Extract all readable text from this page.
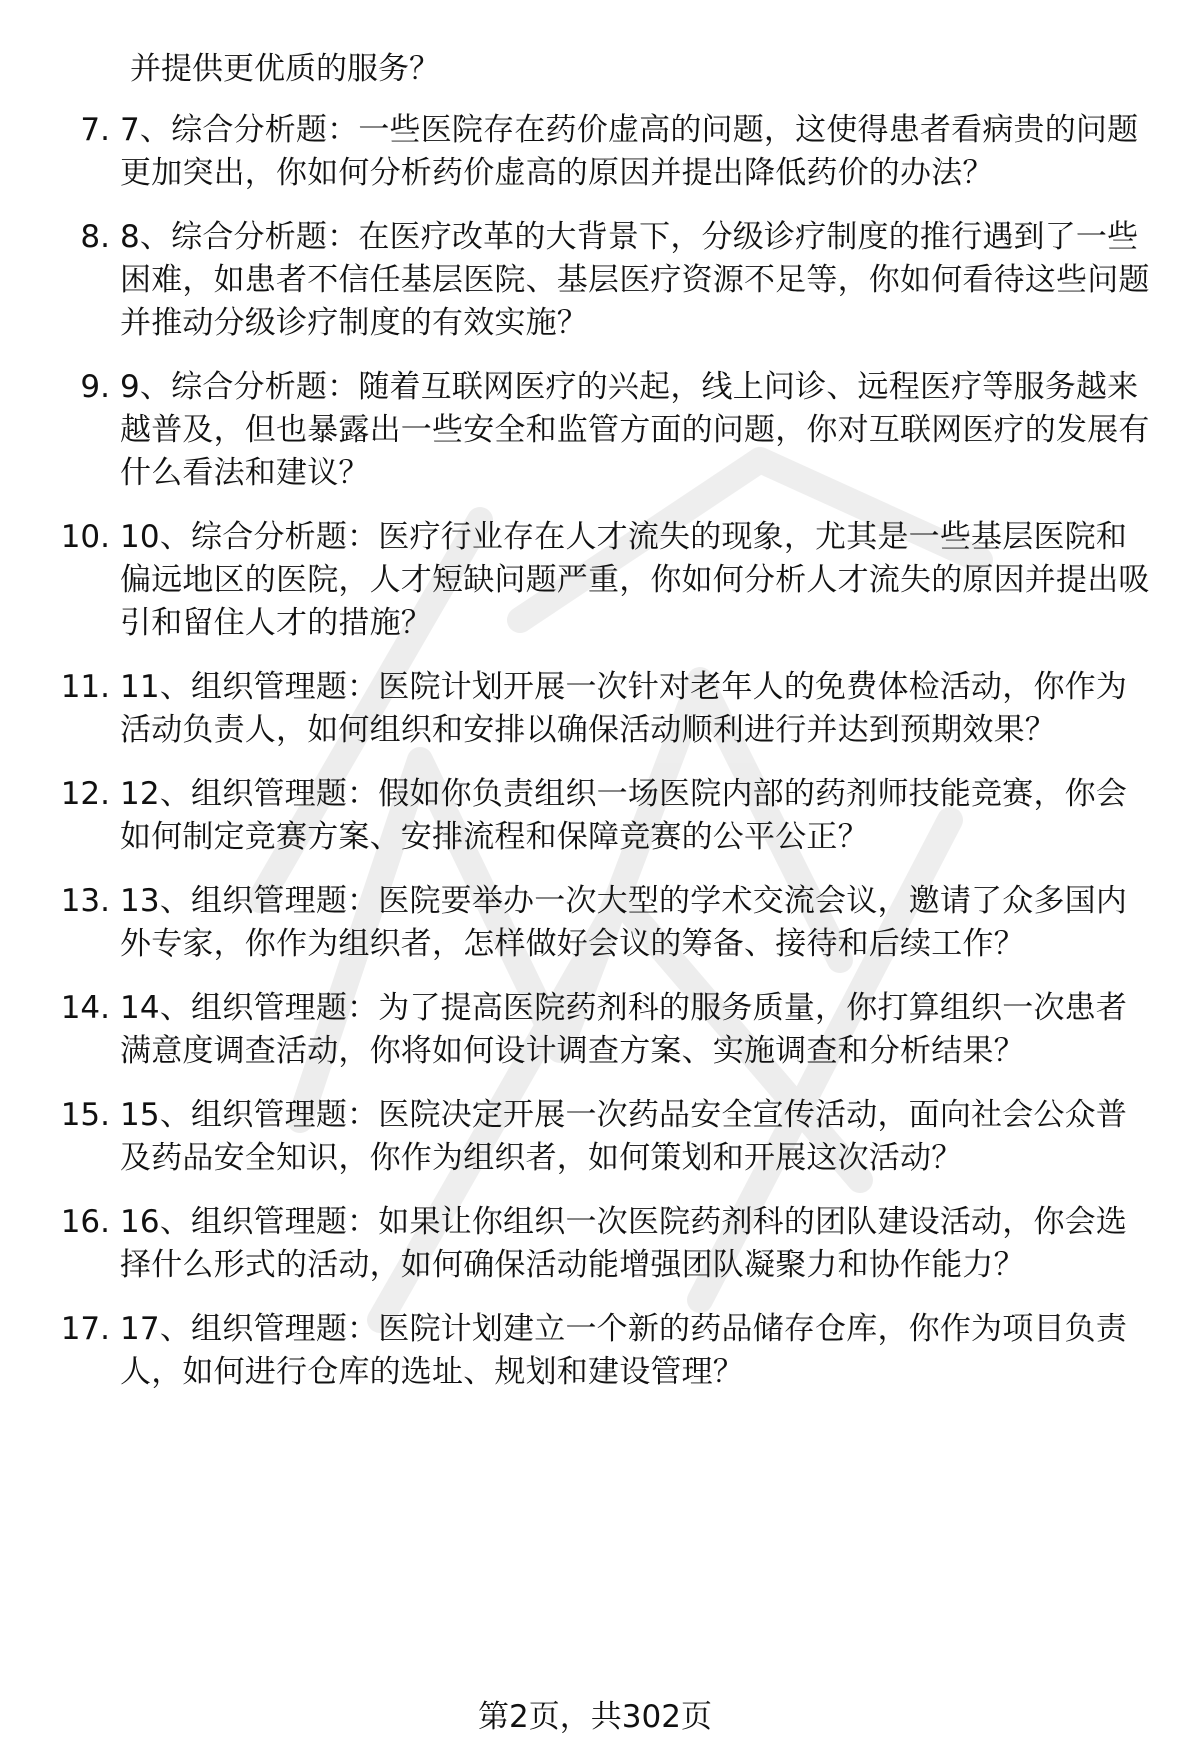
并提供更优质的服务？
7. 7、综合分析题：一些医院存在药价虚高的问题，这使得患者看病贵的问题更加突出，你如何分析药价虚高的原因并提出降低药价的办法？
8. 8、综合分析题：在医疗改革的大背景下，分级诊疗制度的推行遇到了一些困难，如患者不信任基层医院、基层医疗资源不足等，你如何看待这些问题并推动分级诊疗制度的有效实施？
9. 9、综合分析题：随着互联网医疗的兴起，线上问诊、远程医疗等服务越来越普及，但也暴露出一些安全和监管方面的问题，你对互联网医疗的发展有什么看法和建议？
10. 10、综合分析题：医疗行业存在人才流失的现象，尤其是一些基层医院和偏远地区的医院，人才短缺问题严重，你如何分析人才流失的原因并提出吸引和留住人才的措施？
11. 11、组织管理题：医院计划开展一次针对老年人的免费体检活动，你作为活动负责人，如何组织和安排以确保活动顺利进行并达到预期效果？
12. 12、组织管理题：假如你负责组织一场医院内部的药剂师技能竞赛，你会如何制定竞赛方案、安排流程和保障竞赛的公平公正？
13. 13、组织管理题：医院要举办一次大型的学术交流会议，邀请了众多国内外专家，你作为组织者，怎样做好会议的筹备、接待和后续工作？
14. 14、组织管理题：为了提高医院药剂科的服务质量，你打算组织一次患者满意度调查活动，你将如何设计调查方案、实施调查和分析结果？
15. 15、组织管理题：医院决定开展一次药品安全宣传活动，面向社会公众普及药品安全知识，你作为组织者，如何策划和开展这次活动？
16. 16、组织管理题：如果让你组织一次医院药剂科的团队建设活动，你会选择什么形式的活动，如何确保活动能增强团队凝聚力和协作能力？
17. 17、组织管理题：医院计划建立一个新的药品储存仓库，你作为项目负责人，如何进行仓库的选址、规划和建设管理？
第2页，共302页
